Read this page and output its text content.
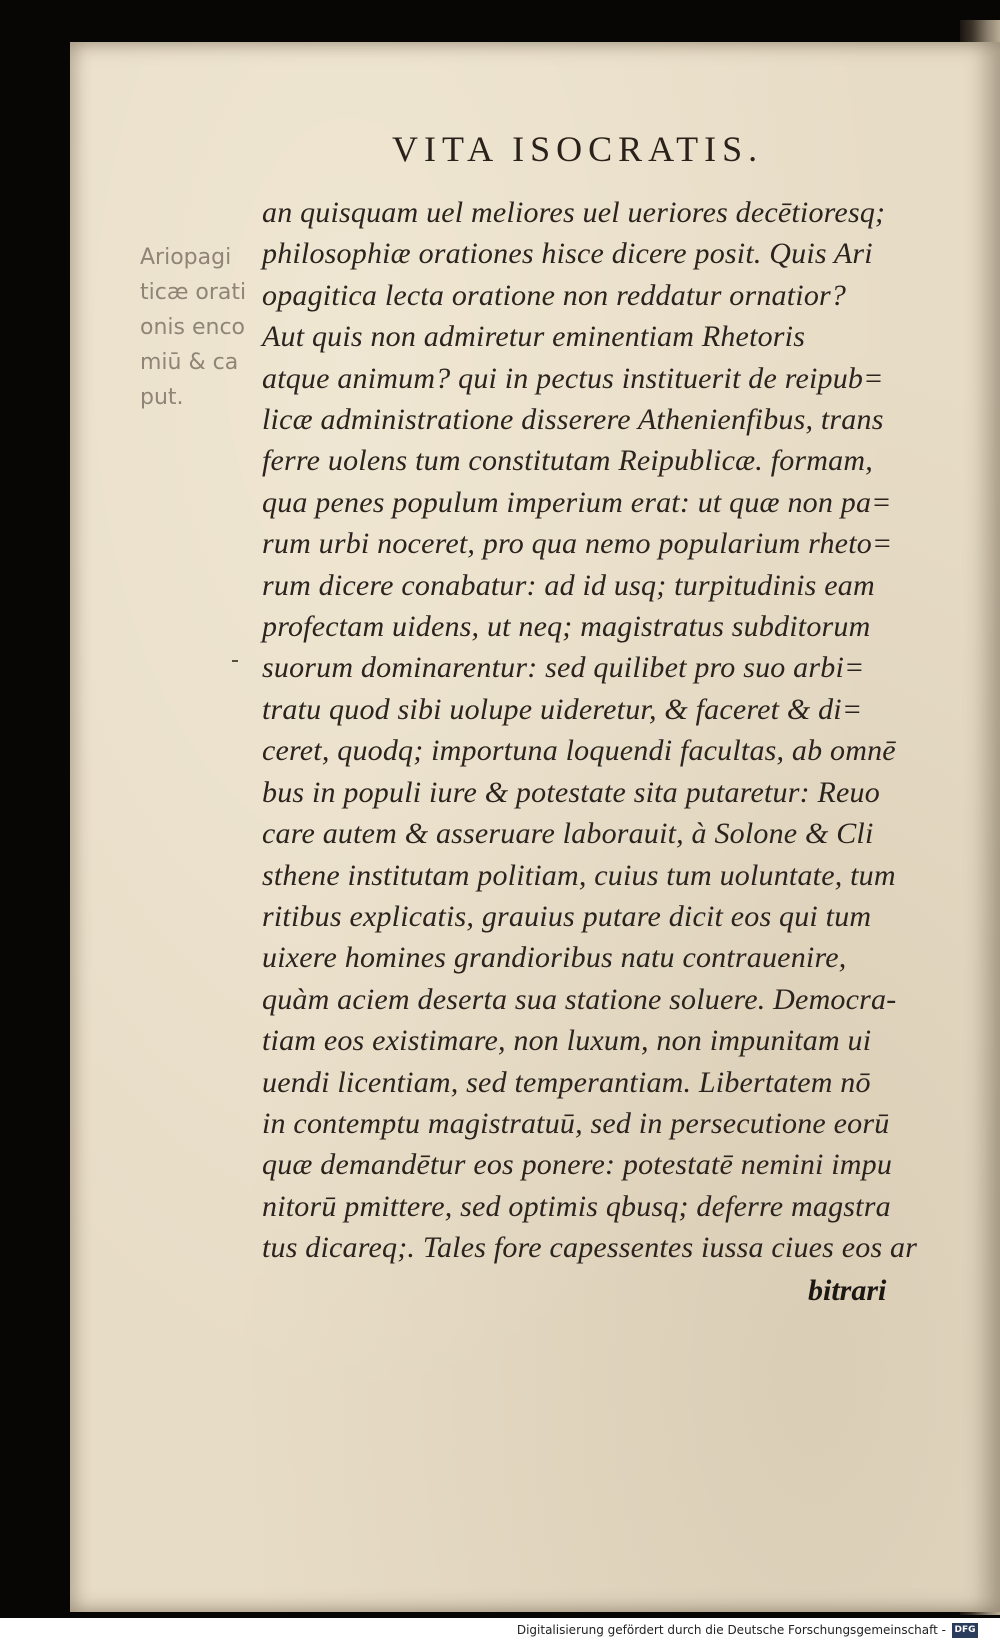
VITA ISOCRATIS.
Ariopagi
ticæ orati
onis enco
miū & ca
put.
an quisquam uel meliores uel ueriores decētioresq;
philosophiæ orationes hisce dicere posit. Quis Ari
opagitica lecta oratione non reddatur ornatior?
Aut quis non admiretur eminentiam Rhetoris
atque animum? qui in pectus instituerit de reipub=
licæ administratione disserere Athenienfibus, trans
ferre uolens tum constitutam Reipublicæ. formam,
qua penes populum imperium erat: ut quæ non pa=
rum urbi noceret, pro qua nemo popularium rheto=
rum dicere conabatur: ad id usq; turpitudinis eam
profectam uidens, ut neq; magistratus subditorum
suorum dominarentur: sed quilibet pro suo arbi=
tratu quod sibi uolupe uideretur, & faceret & di=
ceret, quodq; importuna loquendi facultas, ab omnē
bus in populi iure & potestate sita putaretur: Reuo
care autem & asseruare laborauit, à Solone & Cli
sthene institutam politiam, cuius tum uoluntate, tum
ritibus explicatis, grauius putare dicit eos qui tum
uixere homines grandioribus natu contrauenire,
quàm aciem deserta sua statione soluere. Democra-
tiam eos existimare, non luxum, non impunitam ui
uendi licentiam, sed temperantiam. Libertatem nō
in contemptu magistratuū, sed in persecutione eorū
quæ demandētur eos ponere: potestatē nemini impu
nitorū pmittere, sed optimis qbusq; deferre magstra
tus dicareq;. Tales fore capessentes iussa ciues eos ar
bitrari
Digitalisierung gefördert durch die Deutsche Forschungsgemeinschaft - DFG
